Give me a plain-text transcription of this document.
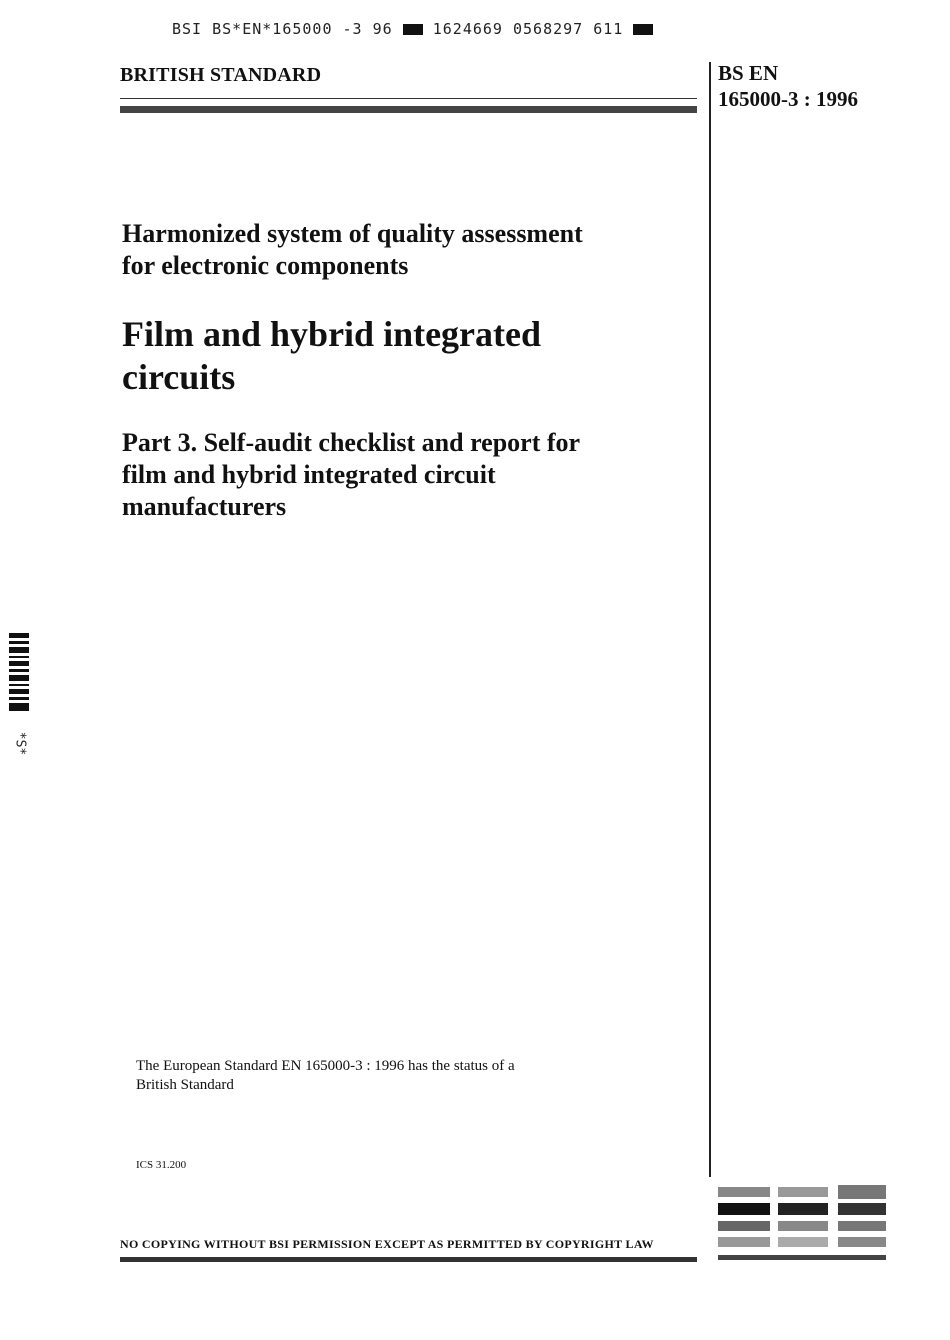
BSI BS*EN*165000 -3 96	1624669 0568297 611
BRITISH STANDARD	BS EN
165000-3 : 1996
Harmonized system of quality assessment
for electronic components
Film and hybrid integrated
circuits
Part 3. Self-audit checklist and report for
film and hybrid integrated circuit
manufacturers
The European Standard EN 165000-3 : 1996 has the status of a
British Standard
ICS 31.200
NO COPYING WITHOUT BSI PERMISSION EXCEPT AS PERMITTED BY COPYRIGHT LAW
*S*
